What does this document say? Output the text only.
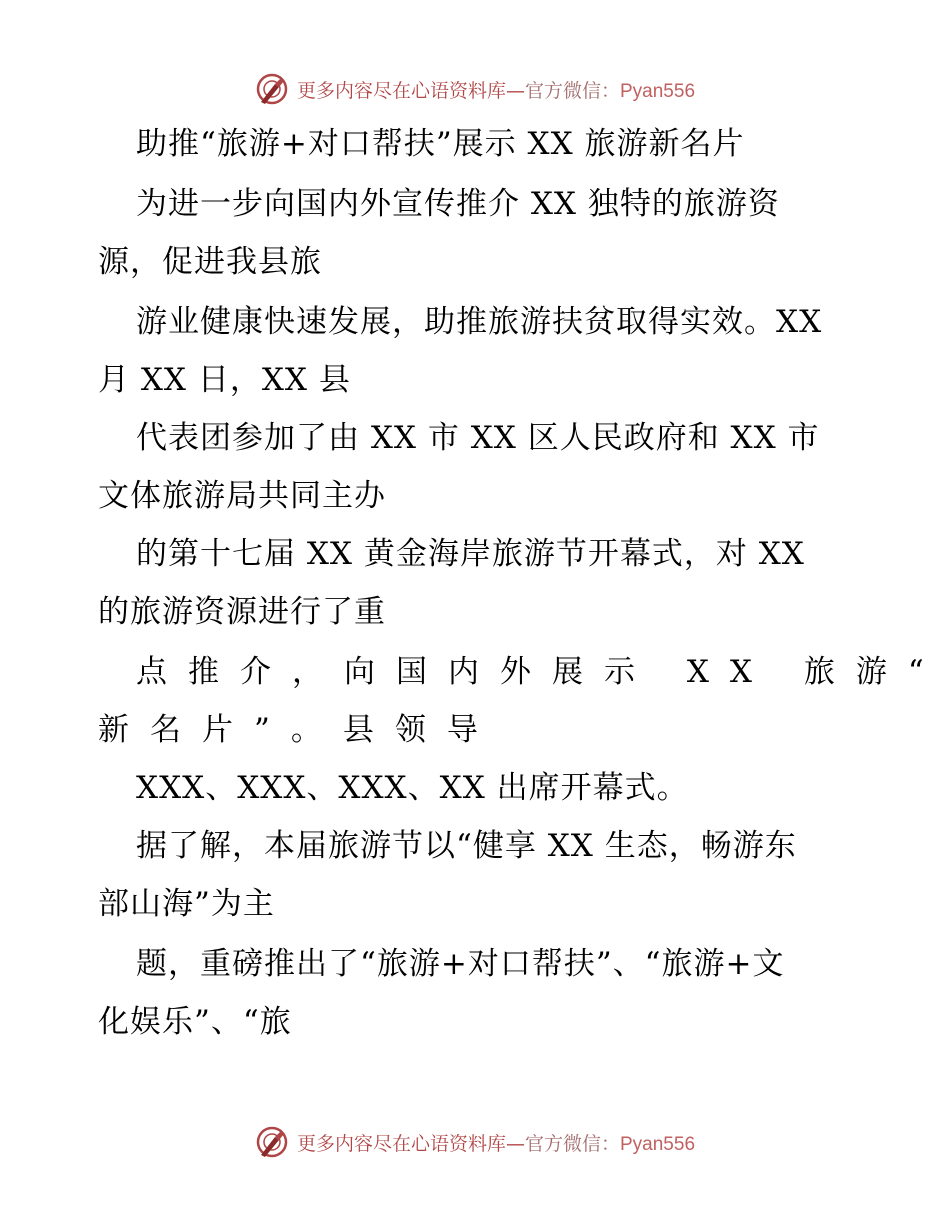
更多内容尽在心语资料库—官方微信：Pyan556
助推“旅游+对口帮扶”展示 XX 旅游新名片
为进一步向国内外宣传推介 XX 独特的旅游资
源，促进我县旅
游业健康快速发展，助推旅游扶贫取得实效。XX
月 XX 日，XX 县
代表团参加了由 XX 市 XX 区人民政府和 XX 市
文体旅游局共同主办
的第十七届 XX 黄金海岸旅游节开幕式，对 XX
的旅游资源进行了重
点推介，向国内外展示 XX 旅游“
新名片”。县领导
XXX、XXX、XXX、XX 出席开幕式。
据了解，本届旅游节以“健享 XX 生态，畅游东
部山海”为主
题，重磅推出了“旅游+对口帮扶”、“旅游+文
化娱乐”、“旅
更多内容尽在心语资料库—官方微信：Pyan556
